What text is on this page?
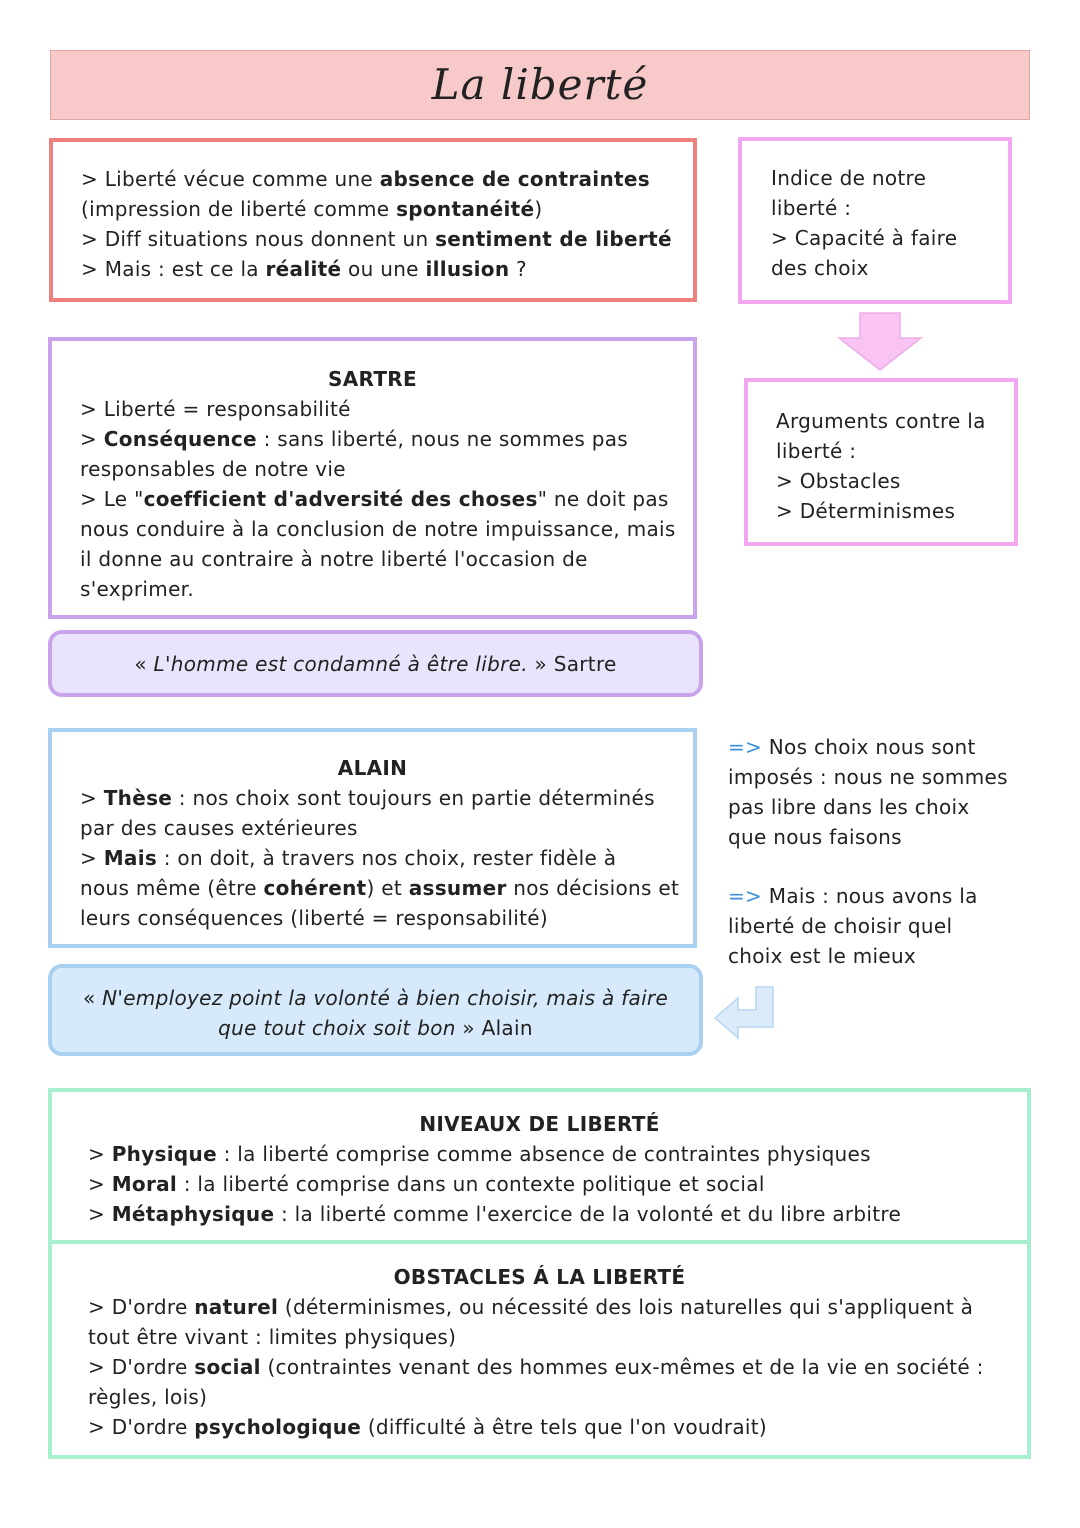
La liberté

> Liberté vécue comme une absence de contraintes

(impression de liberté comme spontanéité)

> Diff situations nous donnent un sentiment de liberté

> Mais : est ce la réalité ou une illusion ?

Indice de notre

liberté :

> Capacité à faire

des choix

Arguments contre la

liberté :

> Obstacles

> Déterminismes

SARTRE

> Liberté = responsabilité

> Conséquence : sans liberté, nous ne sommes pas

responsables de notre vie

> Le "coefficient d'adversité des choses" ne doit pas

nous conduire à la conclusion de notre impuissance, mais

il donne au contraire à notre liberté l'occasion de

s'exprimer.

« L'homme est condamné à être libre. » Sartre

ALAIN

> Thèse : nos choix sont toujours en partie déterminés

par des causes extérieures

> Mais : on doit, à travers nos choix, rester fidèle à

nous même (être cohérent) et assumer nos décisions et

leurs conséquences (liberté = responsabilité)

=> Nos choix nous sont

imposés : nous ne sommes

pas libre dans les choix

que nous faisons

=> Mais : nous avons la

liberté de choisir quel

choix est le mieux

« N'employez point la volonté à bien choisir, mais à faire

que tout choix soit bon » Alain

NIVEAUX DE LIBERTÉ

> Physique : la liberté comprise comme absence de contraintes physiques

> Moral : la liberté comprise dans un contexte politique et social

> Métaphysique : la liberté comme l'exercice de la volonté et du libre arbitre

OBSTACLES Á LA LIBERTÉ

> D'ordre naturel (déterminismes, ou nécessité des lois naturelles qui s'appliquent à

tout être vivant : limites physiques)

> D'ordre social (contraintes venant des hommes eux-mêmes et de la vie en société :

règles, lois)

> D'ordre psychologique (difficulté à être tels que l'on voudrait)
